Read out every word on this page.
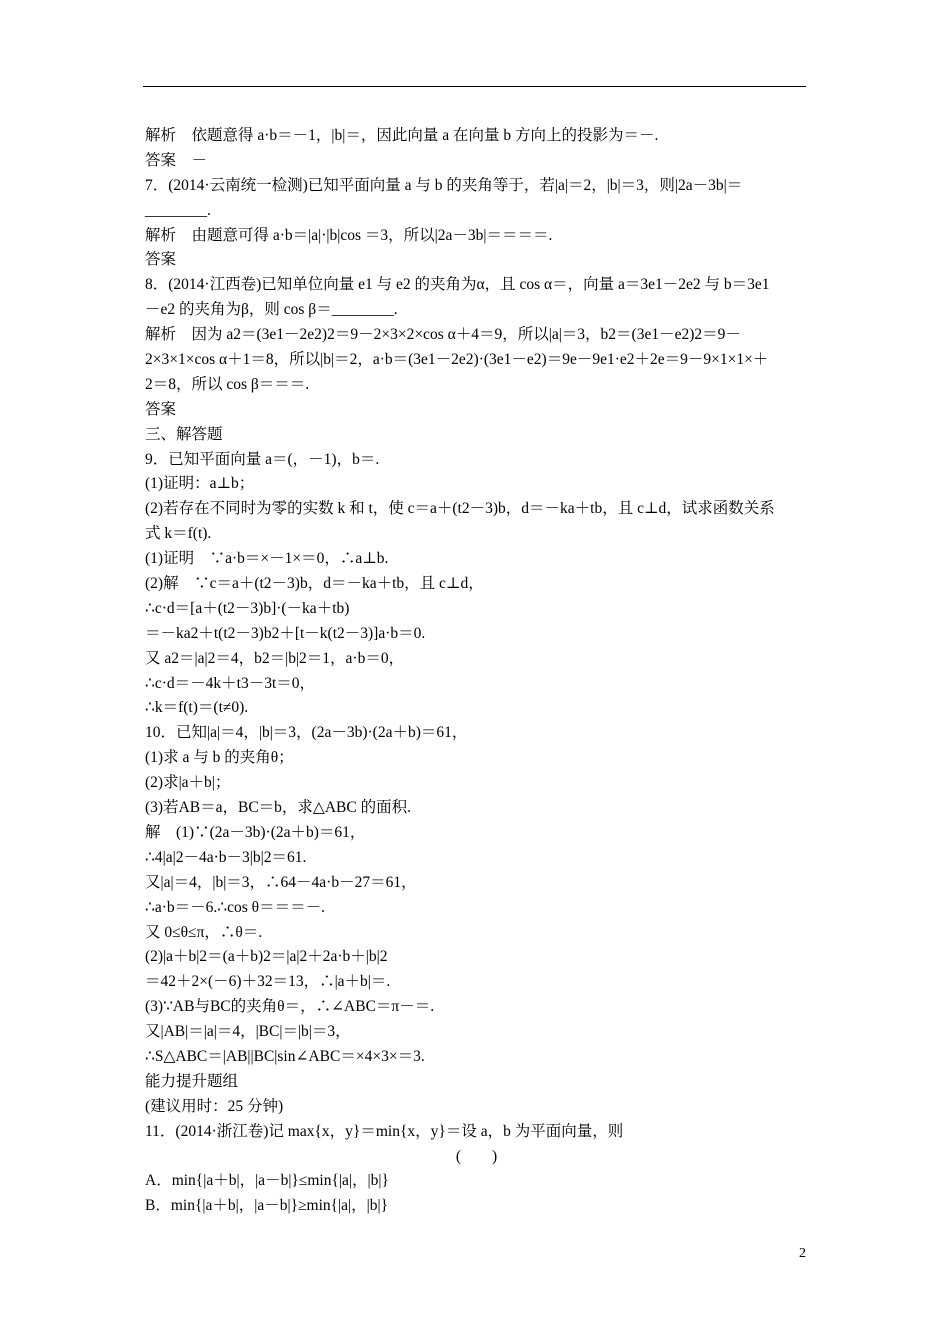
解析　依题意得 a·b＝－1，|b|＝，因此向量 a 在向量 b 方向上的投影为＝－.
答案　－
7．(2014·云南统一检测)已知平面向量 a 与 b 的夹角等于，若|a|＝2，|b|＝3，则|2a－3b|＝
________.
解析　由题意可得 a·b＝|a|·|b|cos ＝3，所以|2a－3b|＝＝＝＝.
答案
8．(2014·江西卷)已知单位向量 e1 与 e2 的夹角为α，且 cos α＝，向量 a＝3e1－2e2 与 b＝3e1
－e2 的夹角为β，则 cos β＝________.
解析　因为 a2＝(3e1－2e2)2＝9－2×3×2×cos α＋4＝9，所以|a|＝3，b2＝(3e1－e2)2＝9－
2×3×1×cos α＋1＝8，所以|b|＝2，a·b＝(3e1－2e2)·(3e1－e2)＝9e－9e1·e2＋2e＝9－9×1×1×＋
2＝8，所以 cos β＝＝＝.
答案
三、解答题
9．已知平面向量 a＝(，－1)，b＝.
(1)证明：a⊥b；
(2)若存在不同时为零的实数 k 和 t，使 c＝a＋(t2－3)b，d＝－ka＋tb，且 c⊥d，试求函数关系
式 k＝f(t).
(1)证明　∵a·b＝×－1×＝0，∴a⊥b.
(2)解　∵c＝a＋(t2－3)b，d＝－ka＋tb，且 c⊥d，
∴c·d＝[a＋(t2－3)b]·(－ka＋tb)
＝－ka2＋t(t2－3)b2＋[t－k(t2－3)]a·b＝0.
又 a2＝|a|2＝4，b2＝|b|2＝1，a·b＝0，
∴c·d＝－4k＋t3－3t＝0，
∴k＝f(t)＝(t≠0).
10．已知|a|＝4，|b|＝3，(2a－3b)·(2a＋b)＝61，
(1)求 a 与 b 的夹角θ；
(2)求|a＋b|；
(3)若AB＝a，BC＝b，求△ABC 的面积.
解　(1)∵(2a－3b)·(2a＋b)＝61，
∴4|a|2－4a·b－3|b|2＝61.
又|a|＝4，|b|＝3，∴64－4a·b－27＝61，
∴a·b＝－6.∴cos θ＝＝＝－.
又 0≤θ≤π，∴θ＝.
(2)|a＋b|2＝(a＋b)2＝|a|2＋2a·b＋|b|2
＝42＋2×(－6)＋32＝13，∴|a＋b|＝.
(3)∵AB与BC的夹角θ＝，∴∠ABC＝π－＝.
又|AB|＝|a|＝4，|BC|＝|b|＝3，
∴S△ABC＝|AB||BC|sin∠ABC＝×4×3×＝3.
能力提升题组
(建议用时：25 分钟)
11．(2014·浙江卷)记 max{x，y}＝min{x，y}＝设 a，b 为平面向量，则
(　　)
A．min{|a＋b|，|a－b|}≤min{|a|，|b|}
B．min{|a＋b|，|a－b|}≥min{|a|，|b|}
2
